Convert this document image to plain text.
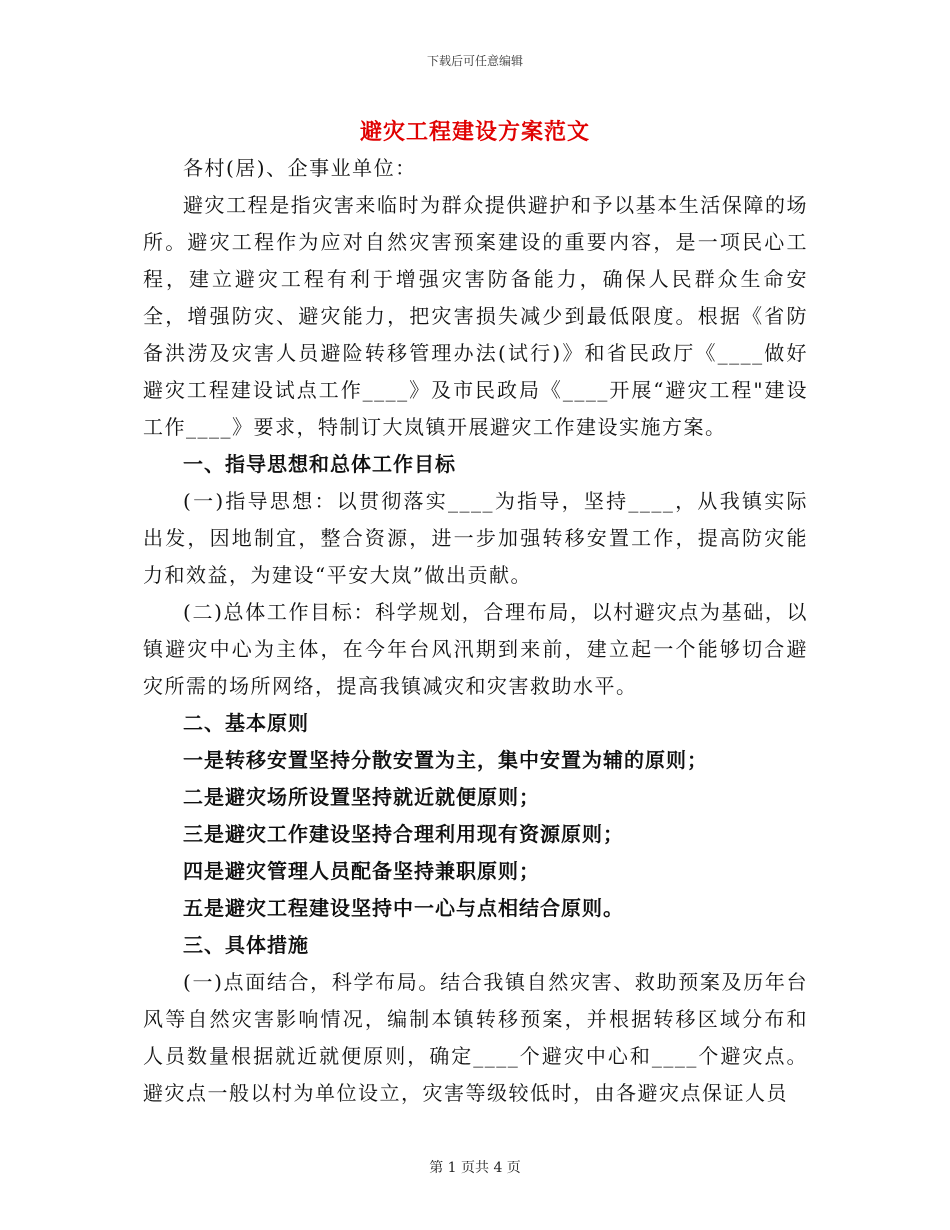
下载后可任意编辑
避灾工程建设方案范文

各村(居)、企事业单位：

避灾工程是指灾害来临时为群众提供避护和予以基本生活保障的场所。避灾工程作为应对自然灾害预案建设的重要内容，是一项民心工程，建立避灾工程有利于增强灾害防备能力，确保人民群众生命安全，增强防灾、避灾能力，把灾害损失减少到最低限度。根据《省防备洪涝及灾害人员避险转移管理办法(试行)》和省民政厅《____做好避灾工程建设试点工作____》及市民政局《____开展“避灾工程"建设工作____》要求，特制订大岚镇开展避灾工作建设实施方案。

一、指导思想和总体工作目标

(一)指导思想：以贯彻落实____为指导，坚持____，从我镇实际出发，因地制宜，整合资源，进一步加强转移安置工作，提高防灾能力和效益，为建设“平安大岚”做出贡献。

(二)总体工作目标：科学规划，合理布局，以村避灾点为基础，以镇避灾中心为主体，在今年台风汛期到来前，建立起一个能够切合避灾所需的场所网络，提高我镇减灾和灾害救助水平。

二、基本原则

一是转移安置坚持分散安置为主，集中安置为辅的原则；

二是避灾场所设置坚持就近就便原则；

三是避灾工作建设坚持合理利用现有资源原则；

四是避灾管理人员配备坚持兼职原则；

五是避灾工程建设坚持中一心与点相结合原则。

三、具体措施

(一)点面结合，科学布局。结合我镇自然灾害、救助预案及历年台风等自然灾害影响情况，编制本镇转移预案，并根据转移区域分布和人员数量根据就近就便原则，确定____个避灾中心和____个避灾点。避灾点一般以村为单位设立，灾害等级较低时，由各避灾点保证人员

第 1 页共 4 页
